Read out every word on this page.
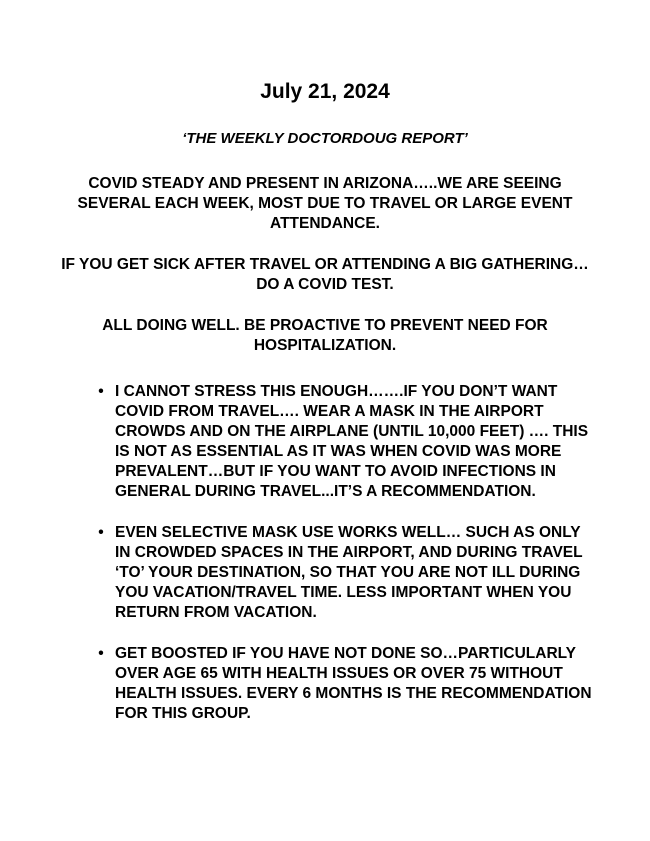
July 21, 2024
‘THE WEEKLY DOCTORDOUG REPORT’

COVID STEADY AND PRESENT IN ARIZONA…..WE ARE SEEING SEVERAL EACH WEEK, MOST DUE TO TRAVEL OR LARGE EVENT ATTENDANCE.

IF YOU GET SICK AFTER TRAVEL OR ATTENDING A BIG GATHERING…DO A COVID TEST.

ALL DOING WELL. BE PROACTIVE TO PREVENT NEED FOR HOSPITALIZATION.

• I CANNOT STRESS THIS ENOUGH…….IF YOU DON’T WANT COVID FROM TRAVEL…. WEAR A MASK IN THE AIRPORT CROWDS AND ON THE AIRPLANE (UNTIL 10,000 FEET) …. THIS IS NOT AS ESSENTIAL AS IT WAS WHEN COVID WAS MORE PREVALENT…BUT IF YOU WANT TO AVOID INFECTIONS IN GENERAL DURING TRAVEL...IT’S A RECOMMENDATION.
• EVEN SELECTIVE MASK USE WORKS WELL… SUCH AS ONLY IN CROWDED SPACES IN THE AIRPORT, AND DURING TRAVEL ‘TO’ YOUR DESTINATION, SO THAT YOU ARE NOT ILL DURING YOU VACATION/TRAVEL TIME. LESS IMPORTANT WHEN YOU RETURN FROM VACATION.
• GET BOOSTED IF YOU HAVE NOT DONE SO…PARTICULARLY OVER AGE 65 WITH HEALTH ISSUES OR OVER 75 WITHOUT HEALTH ISSUES. EVERY 6 MONTHS IS THE RECOMMENDATION FOR THIS GROUP.
